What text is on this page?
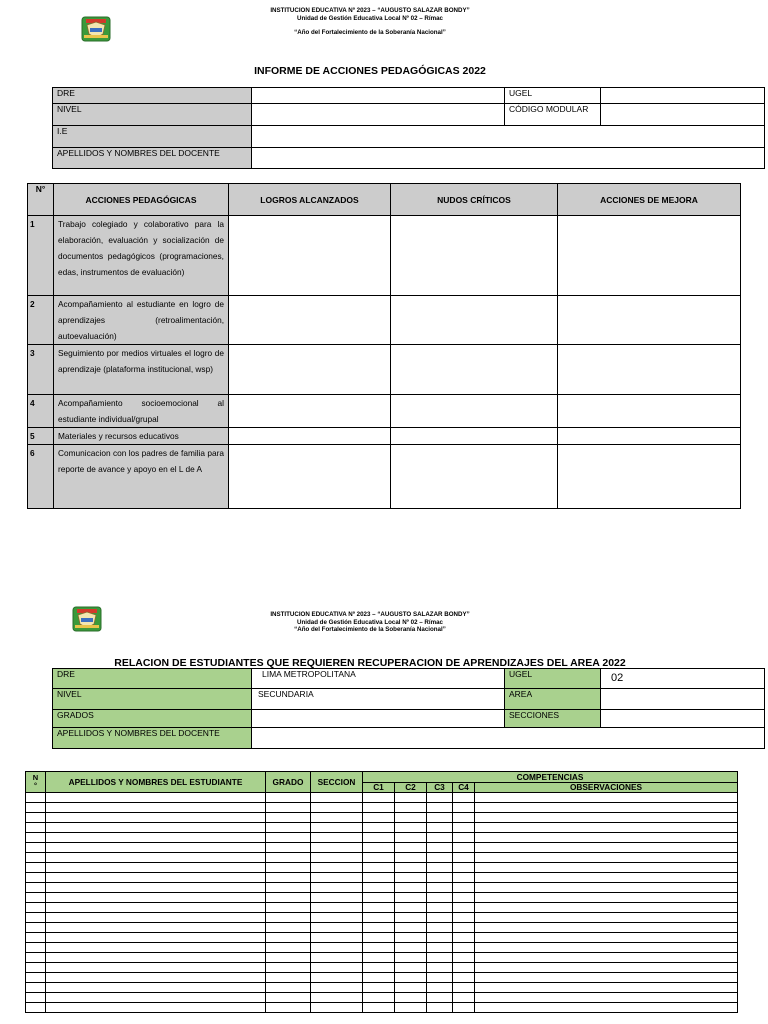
INSTITUCION EDUCATIVA Nº 2023 – “AUGUSTO SALAZAR BONDY”
Unidad de Gestión Educativa Local Nº 02 – Rímac
“Año del Fortalecimiento de la Soberanía Nacional”
INFORME DE ACCIONES PEDAGÓGICAS 2022
DRE		UGEL	
NIVEL		CÓDIGO MODULAR	
I.E			
APELLIDOS Y NOMBRES DEL DOCENTE			
N°	ACCIONES PEDAGÓGICAS	LOGROS ALCANZADOS	NUDOS CRÍTICOS	ACCIONES DE MEJORA
1	Trabajo colegiado y colaborativo para la elaboración, evaluación y socialización de documentos pedagógicos (programaciones, edas, instrumentos de evaluación)			
2	Acompañamiento al estudiante en logro de aprendizajes (retroalimentación, autoevaluación)			
3	Seguimiento por medios virtuales el logro de aprendizaje (plataforma institucional, wsp)			
4	Acompañamiento socioemocional al estudiante individual/grupal			
5	Materiales y recursos educativos			
6	Comunicacion con los padres de familia para reporte de avance y apoyo en el L de A			
INSTITUCION EDUCATIVA Nº 2023 – “AUGUSTO SALAZAR BONDY”
Unidad de Gestión Educativa Local Nº 02 – Rímac
“Año del Fortalecimiento de la Soberanía Nacional”
RELACION DE ESTUDIANTES QUE REQUIEREN RECUPERACION DE APRENDIZAJES DEL AREA 2022
DRE	LIMA METROPOLITANA	UGEL	02
NIVEL	SECUNDARIA	AREA	
GRADOS		SECCIONES	
APELLIDOS Y NOMBRES DEL DOCENTE			
N
°	APELLIDOS Y NOMBRES DEL ESTUDIANTE	GRADO	SECCION	COMPETENCIAS				
				C1	C2	C3	C4	OBSERVACIONES
